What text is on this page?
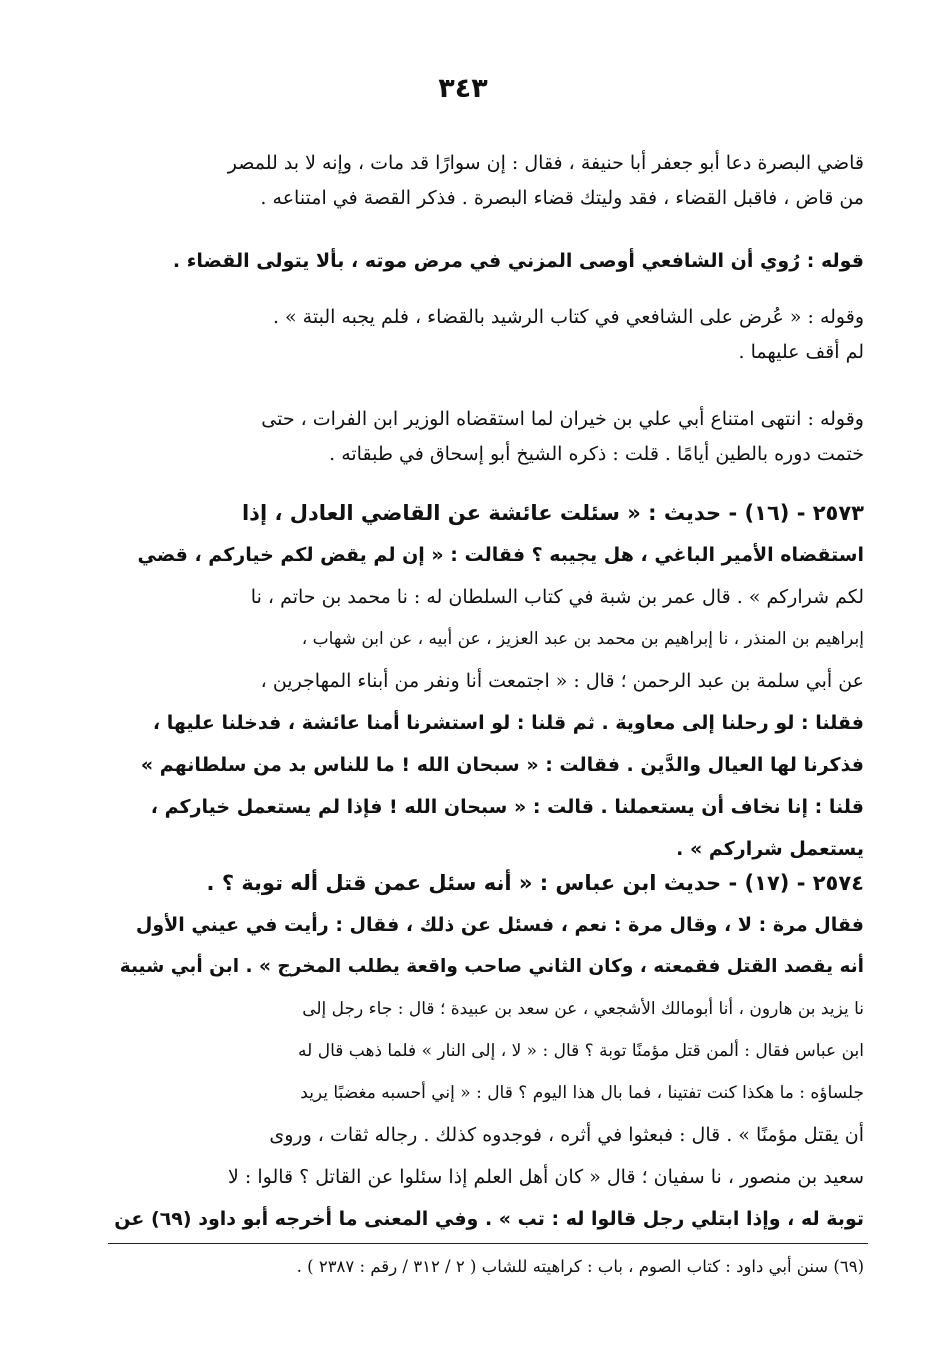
٣٤٣
قاضي البصرة دعا أبو جعفر أبا حنيفة ، فقال : إن سوارًا قد مات ، وإنه لا بد للمصر
من قاض ، فاقبل القضاء ، فقد وليتك قضاء البصرة . فذكر القصة في امتناعه .
قوله : رُوي أن الشافعي أوصى المزني في مرض موته ، بألا يتولى القضاء .
وقوله : « عُرض على الشافعي في كتاب الرشيد بالقضاء ، فلم يجبه البتة » .
لم أقف عليهما .
وقوله : انتهى امتناع أبي علي بن خيران لما استقضاه الوزير ابن الفرات ، حتى
ختمت دوره بالطين أيامًا . قلت : ذكره الشيخ أبو إسحاق في طبقاته .
٢٥٧٣ - (١٦) - حديث : « سئلت عائشة عن القاضي العادل ، إذا
استقضاه الأمير الباغي ، هل يجيبه ؟ فقالت : « إن لم يقض لكم خياركم ، قضي
لكم شراركم » . قال عمر بن شبة في كتاب السلطان له : نا محمد بن حاتم ، نا
إبراهيم بن المنذر ، نا إبراهيم بن محمد بن عبد العزيز ، عن أبيه ، عن ابن شهاب ،
عن أبي سلمة بن عبد الرحمن ؛ قال : « اجتمعت أنا ونفر من أبناء المهاجرين ،
فقلنا : لو رحلنا إلى معاوية . ثم قلنا : لو استشرنا أمنا عائشة ، فدخلنا عليها ،
فذكرنا لها العيال والدَّين . فقالت : « سبحان الله ! ما للناس بد من سلطانهم »
قلنا : إنا نخاف أن يستعملنا . قالت : « سبحان الله ! فإذا لم يستعمل خياركم ،
يستعمل شراركم » .
٢٥٧٤ - (١٧) - حديث ابن عباس : « أنه سئل عمن قتل أله توبة ؟ .
فقال مرة : لا ، وقال مرة : نعم ، فسئل عن ذلك ، فقال : رأيت في عيني الأول
أنه يقصد القتل فقمعته ، وكان الثاني صاحب واقعة يطلب المخرج » . ابن أبي شيبة
نا يزيد بن هارون ، أنا أبومالك الأشجعي ، عن سعد بن عبيدة ؛ قال : جاء رجل إلى
ابن عباس فقال : ألمن قتل مؤمنًا توبة ؟ قال : « لا ، إلى النار » فلما ذهب قال له
جلساؤه : ما هكذا كنت تفتينا ، فما بال هذا اليوم ؟ قال : « إني أحسبه مغضبًا يريد
أن يقتل مؤمنًا » . قال : فبعثوا في أثره ، فوجدوه كذلك . رجاله ثقات ، وروى
سعيد بن منصور ، نا سفيان ؛ قال « كان أهل العلم إذا سئلوا عن القاتل ؟ قالوا : لا
توبة له ، وإذا ابتلي رجل قالوا له : تب » . وفي المعنى ما أخرجه أبو داود (٦٩) عن
(٦٩) سنن أبي داود : كتاب الصوم ، باب : كراهيته للشاب ( ٢ / ٣١٢ / رقم : ٢٣٨٧ ) .
